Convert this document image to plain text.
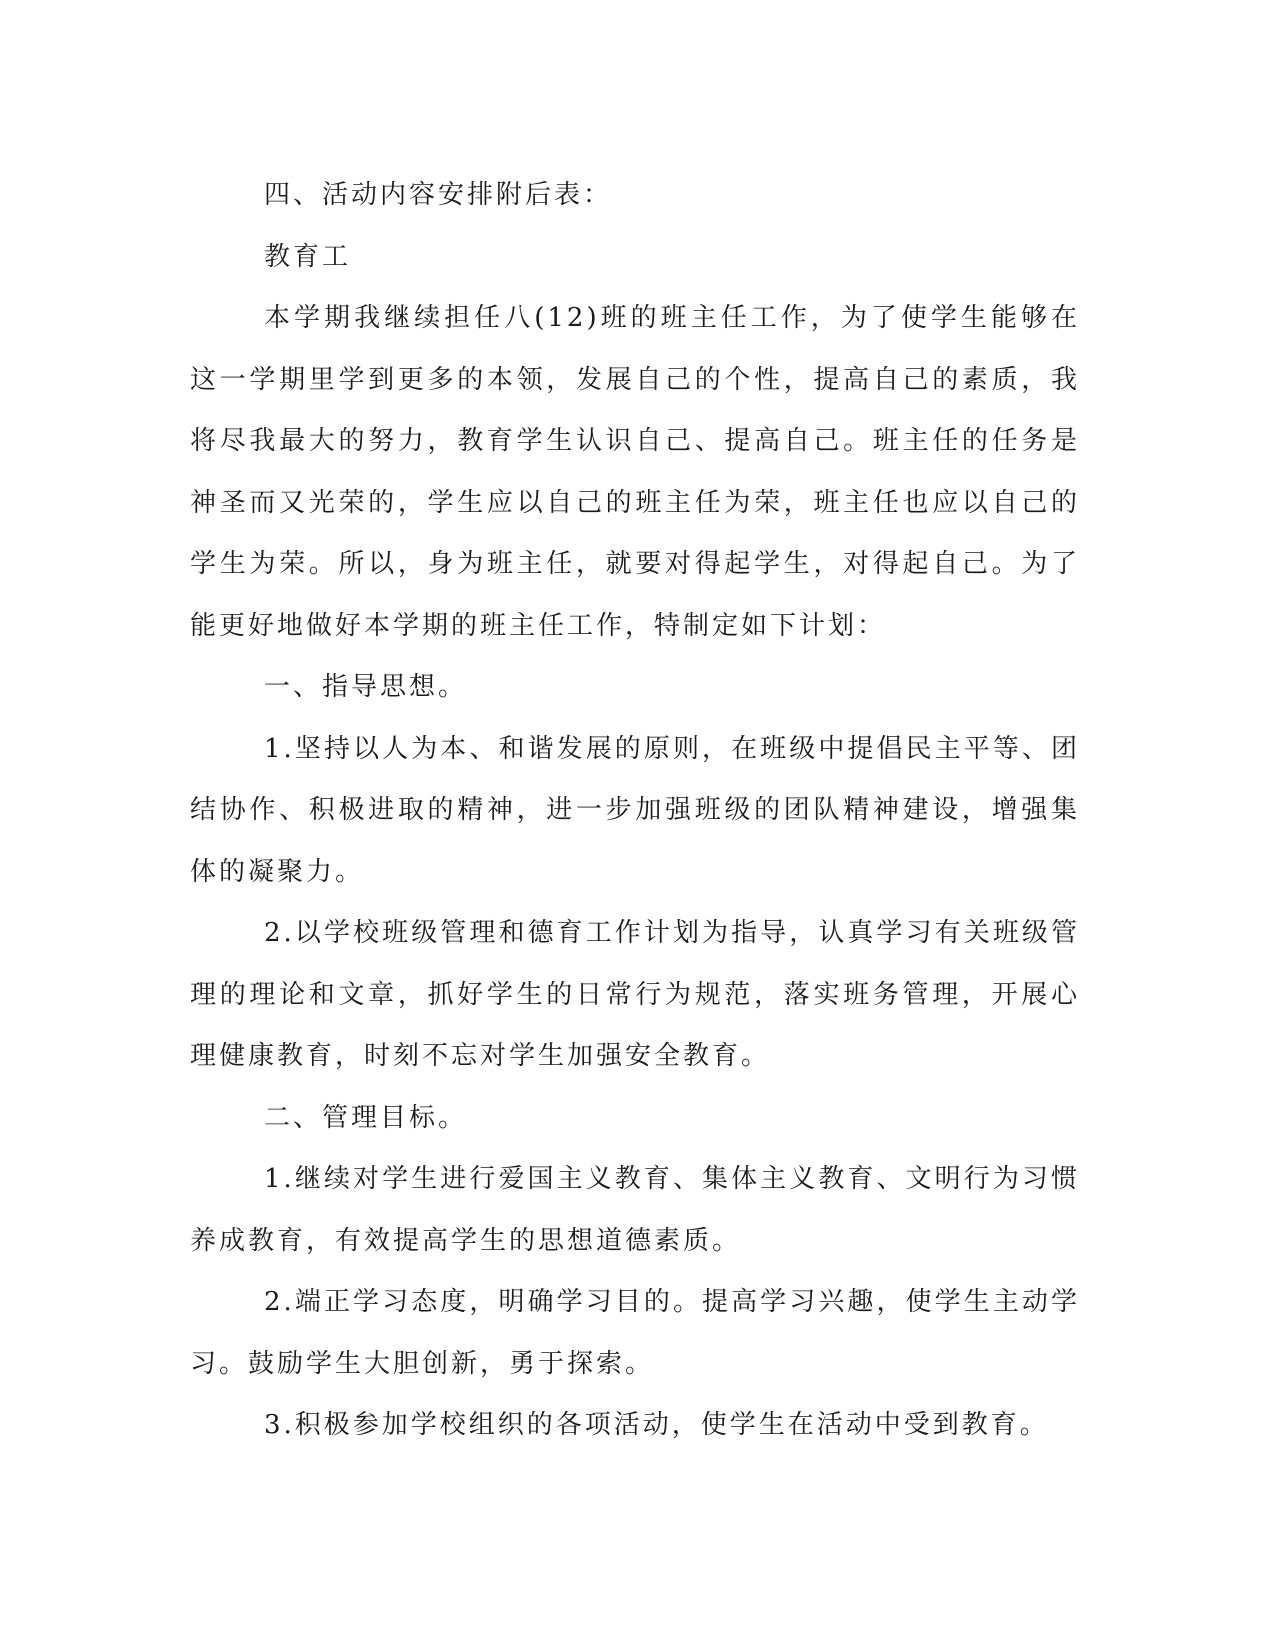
四、活动内容安排附后表：

教育工

本学期我继续担任八(12)班的班主任工作，为了使学生能够在这一学期里学到更多的本领，发展自己的个性，提高自己的素质，我将尽我最大的努力，教育学生认识自己、提高自己。班主任的任务是神圣而又光荣的，学生应以自己的班主任为荣，班主任也应以自己的学生为荣。所以，身为班主任，就要对得起学生，对得起自己。为了能更好地做好本学期的班主任工作，特制定如下计划：

一、指导思想。

1.坚持以人为本、和谐发展的原则，在班级中提倡民主平等、团结协作、积极进取的精神，进一步加强班级的团队精神建设，增强集体的凝聚力。

2.以学校班级管理和德育工作计划为指导，认真学习有关班级管理的理论和文章，抓好学生的日常行为规范，落实班务管理，开展心理健康教育，时刻不忘对学生加强安全教育。

二、管理目标。

1.继续对学生进行爱国主义教育、集体主义教育、文明行为习惯养成教育，有效提高学生的思想道德素质。

2.端正学习态度，明确学习目的。提高学习兴趣，使学生主动学习。鼓励学生大胆创新，勇于探索。

3.积极参加学校组织的各项活动，使学生在活动中受到教育。
